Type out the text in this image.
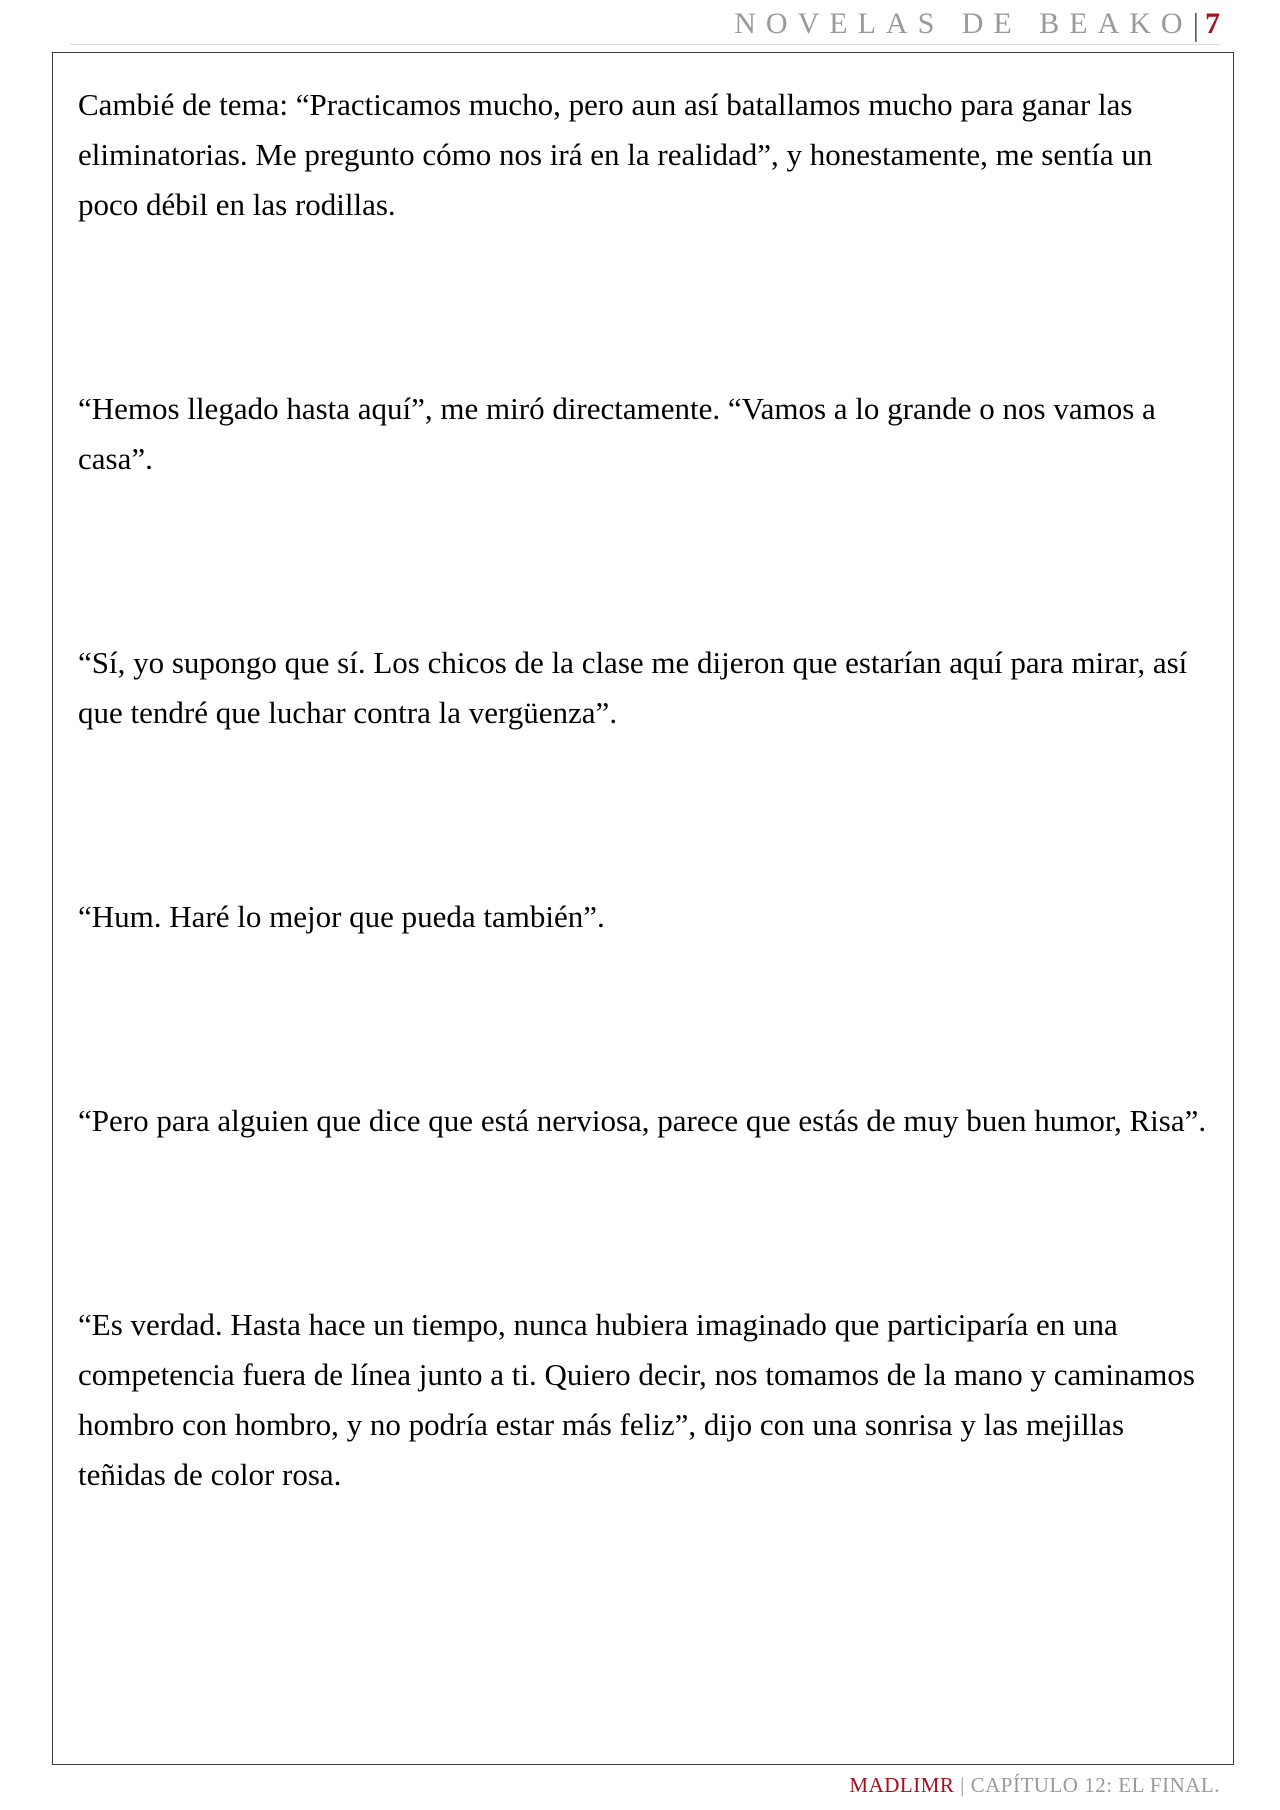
NOVELAS DE BEAKO | 7

Cambié de tema: “Practicamos mucho, pero aun así batallamos mucho para ganar las eliminatorias. Me pregunto cómo nos irá en la realidad”, y honestamente, me sentía un poco débil en las rodillas.

“Hemos llegado hasta aquí”, me miró directamente. “Vamos a lo grande o nos vamos a casa”.

“Sí, yo supongo que sí. Los chicos de la clase me dijeron que estarían aquí para mirar, así que tendré que luchar contra la vergüenza”.

“Hum. Haré lo mejor que pueda también”.

“Pero para alguien que dice que está nerviosa, parece que estás de muy buen humor, Risa”.

“Es verdad. Hasta hace un tiempo, nunca hubiera imaginado que participaría en una competencia fuera de línea junto a ti. Quiero decir, nos tomamos de la mano y caminamos hombro con hombro, y no podría estar más feliz”, dijo con una sonrisa y las mejillas teñidas de color rosa.

MADLIMR | CAPÍTULO 12: EL FINAL.
